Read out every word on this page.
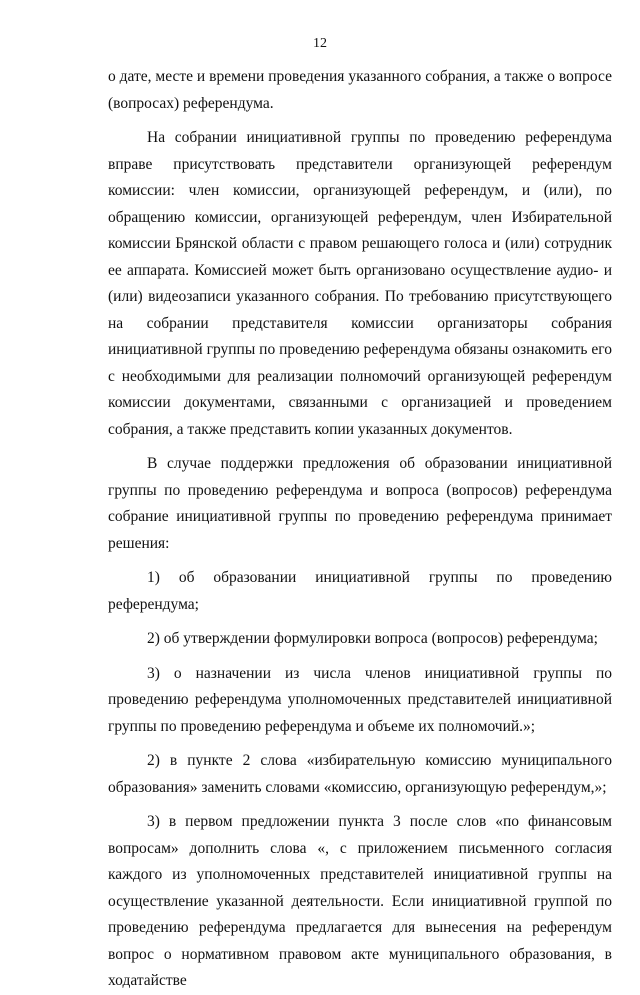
12

о дате, месте и времени проведения указанного собрания, а также о вопросе (вопросах) референдума.

На собрании инициативной группы по проведению референдума вправе присутствовать представители организующей референдум комиссии: член комиссии, организующей референдум, и (или), по обращению комиссии, организующей референдум, член Избирательной комиссии Брянской области с правом решающего голоса и (или) сотрудник ее аппарата. Комиссией может быть организовано осуществление аудио- и (или) видеозаписи указанного собрания. По требованию присутствующего на собрании представителя комиссии организаторы собрания инициативной группы по проведению референдума обязаны ознакомить его с необходимыми для реализации полномочий организующей референдум комиссии документами, связанными с организацией и проведением собрания, а также представить копии указанных документов.

В случае поддержки предложения об образовании инициативной группы по проведению референдума и вопроса (вопросов) референдума собрание инициативной группы по проведению референдума принимает решения:

1) об образовании инициативной группы по проведению референдума;

2) об утверждении формулировки вопроса (вопросов) референдума;

3) о назначении из числа членов инициативной группы по проведению референдума уполномоченных представителей инициативной группы по проведению референдума и объеме их полномочий.»;

2) в пункте 2 слова «избирательную комиссию муниципального образования» заменить словами «комиссию, организующую референдум,»;

3) в первом предложении пункта 3 после слов «по финансовым вопросам» дополнить слова «, с приложением письменного согласия каждого из уполномоченных представителей инициативной группы на осуществление указанной деятельности. Если инициативной группой по проведению референдума предлагается для вынесения на референдум вопрос о нормативном правовом акте муниципального образования, в ходатайстве
